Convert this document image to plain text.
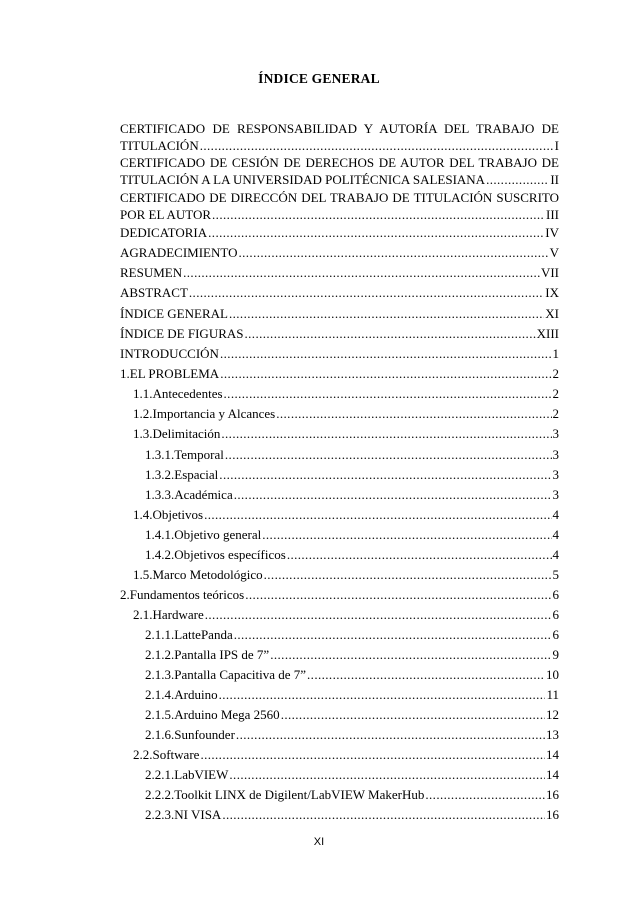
ÍNDICE GENERAL
CERTIFICADO DE RESPONSABILIDAD Y AUTORÍA DEL TRABAJO DE
TITULACIÓN .....	I
CERTIFICADO DE CESIÓN DE DERECHOS DE AUTOR DEL TRABAJO DE
TITULACIÓN A LA UNIVERSIDAD POLITÉCNICA SALESIANA .....	II
CERTIFICADO DE DIRECCÓN DEL TRABAJO DE TITULACIÓN SUSCRITO
POR EL AUTOR .....	III
DEDICATORIA .....	IV
AGRADECIMIENTO .....	V
RESUMEN .....	VII
ABSTRACT .....	IX
ÍNDICE GENERAL .....	XI
ÍNDICE DE FIGURAS .....	XIII
INTRODUCCIÓN .....	1
1. EL PROBLEMA .....	2
1.1. Antecedentes .....	2
1.2. Importancia y Alcances .....	2
1.3. Delimitación .....	3
1.3.1. Temporal .....	3
1.3.2. Espacial .....	3
1.3.3. Académica .....	3
1.4. Objetivos .....	4
1.4.1. Objetivo general .....	4
1.4.2. Objetivos específicos .....	4
1.5. Marco Metodológico .....	5
2. Fundamentos teóricos .....	6
2.1. Hardware .....	6
2.1.1. LattePanda .....	6
2.1.2. Pantalla IPS de 7” .....	9
2.1.3. Pantalla Capacitiva de 7” .....	10
2.1.4. Arduino .....	11
2.1.5. Arduino Mega 2560 .....	12
2.1.6. Sunfounder .....	13
2.2. Software .....	14
2.2.1. LabVIEW .....	14
2.2.2. Toolkit LINX de Digilent/LabVIEW MakerHub .....	16
2.2.3. NI VISA .....	16
XI
